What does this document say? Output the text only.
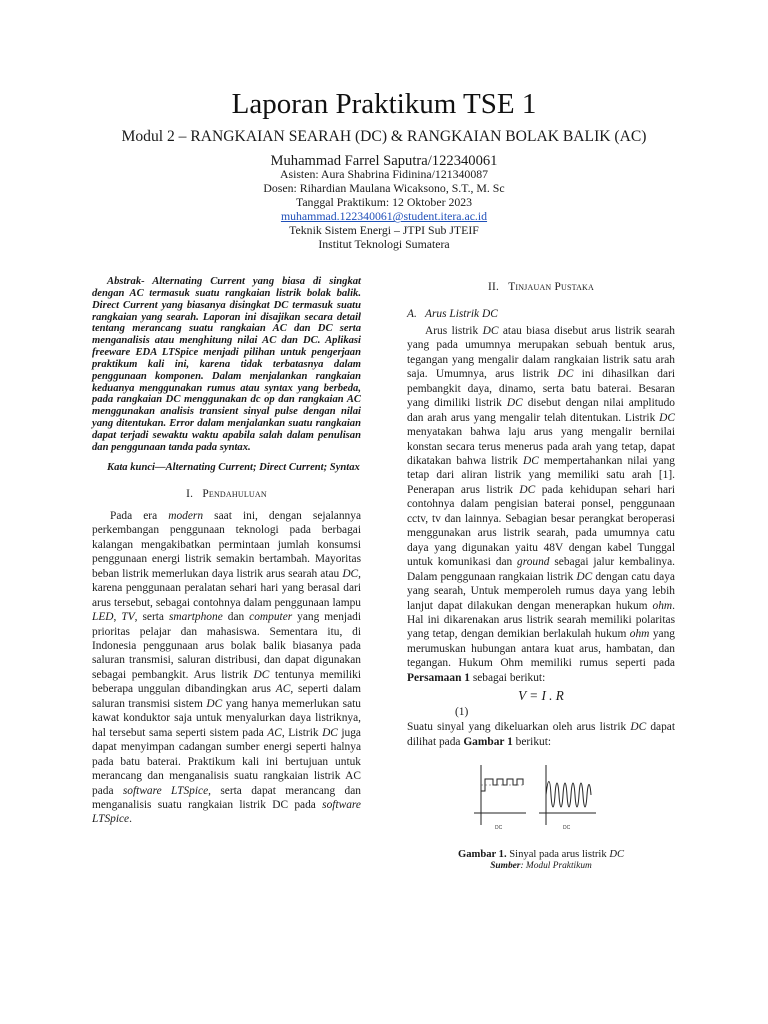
Laporan Praktikum TSE 1
Modul 2 – RANGKAIAN SEARAH (DC) & RANGKAIAN BOLAK BALIK (AC)
Muhammad Farrel Saputra/122340061
Asisten: Aura Shabrina Fidinina/121340087
Dosen: Rihardian Maulana Wicaksono, S.T., M. Sc
Tanggal Praktikum: 12 Oktober 2023
muhammad.122340061@student.itera.ac.id
Teknik Sistem Energi – JTPI Sub JTEIF
Institut Teknologi Sumatera
Abstrak- Alternating Current yang biasa di singkat dengan AC termasuk suatu rangkaian listrik bolak balik. Direct Current yang biasanya disingkat DC termasuk suatu rangkaian yang searah. Laporan ini disajikan secara detail tentang merancang suatu rangkaian AC dan DC serta menganalisis atau menghitung nilai AC dan DC. Aplikasi freeware EDA LTSpice menjadi pilihan untuk pengerjaan praktikum kali ini, karena tidak terbatasnya dalam penggunaan komponen. Dalam menjalankan rangkaian keduanya menggunakan rumus atau syntax yang berbeda, pada rangkaian DC menggunakan dc op dan rangkaian AC menggunakan analisis transient sinyal pulse dengan nilai yang ditentukan. Error dalam menjalankan suatu rangkaian dapat terjadi sewaktu waktu apabila salah dalam penulisan dan penggunaan tanda pada syntax.
Kata kunci—Alternating Current; Direct Current; Syntax
I. Pendahuluan
Pada era modern saat ini, dengan sejalannya perkembangan penggunaan teknologi pada berbagai kalangan mengakibatkan permintaan jumlah konsumsi penggunaan energi listrik semakin bertambah. Mayoritas beban listrik memerlukan daya listrik arus searah atau DC, karena penggunaan peralatan sehari hari yang berasal dari arus tersebut, sebagai contohnya dalam penggunaan lampu LED, TV, serta smartphone dan computer yang menjadi prioritas pelajar dan mahasiswa. Sementara itu, di Indonesia penggunaan arus bolak balik biasanya pada saluran transmisi, saluran distribusi, dan dapat digunakan sebagai pembangkit. Arus listrik DC tentunya memiliki beberapa unggulan dibandingkan arus AC, seperti dalam saluran transmisi sistem DC yang hanya memerlukan satu kawat konduktor saja untuk menyalurkan daya listriknya, hal tersebut sama seperti sistem pada AC, Listrik DC juga dapat menyimpan cadangan sumber energi seperti halnya pada batu baterai. Praktikum kali ini bertujuan untuk merancang dan menganalisis suatu rangkaian listrik AC pada software LTSpice, serta dapat merancang dan menganalisis suatu rangkaian listrik DC pada software LTSpice.
II. Tinjauan Pustaka
A. Arus Listrik DC
Arus listrik DC atau biasa disebut arus listrik searah yang pada umumnya merupakan sebuah bentuk arus, tegangan yang mengalir dalam rangkaian listrik satu arah saja. Umumnya, arus listrik DC ini dihasilkan dari pembangkit daya, dinamo, serta batu baterai. Besaran yang dimiliki listrik DC disebut dengan nilai amplitudo dan arah arus yang mengalir telah ditentukan. Listrik DC menyatakan bahwa laju arus yang mengalir bernilai konstan secara terus menerus pada arah yang tetap, dapat dikatakan bahwa listrik DC mempertahankan nilai yang tetap dari aliran listrik yang memiliki satu arah [1]. Penerapan arus listrik DC pada kehidupan sehari hari contohnya dalam pengisian baterai ponsel, penggunaan cctv, tv dan lainnya. Sebagian besar perangkat beroperasi menggunakan arus listrik searah, pada umumnya catu daya yang digunakan yaitu 48V dengan kabel Tunggal untuk komunikasi dan ground sebagai jalur kembalinya. Dalam penggunaan rangkaian listrik DC dengan catu daya yang searah, Untuk memperoleh rumus daya yang lebih lanjut dapat dilakukan dengan menerapkan hukum ohm. Hal ini dikarenakan arus listrik searah memiliki polaritas yang tetap, dengan demikian berlakulah hukum ohm yang merumuskan hubungan antara kuat arus, hambatan, dan tegangan. Hukum Ohm memiliki rumus seperti pada Persamaan 1 sebagai berikut:
V = I . R
(1)
Suatu sinyal yang dikeluarkan oleh arus listrik DC dapat dilihat pada Gambar 1 berikut:
DC	DC
Gambar 1. Sinyal pada arus listrik DC
Sumber: Modul Praktikum
